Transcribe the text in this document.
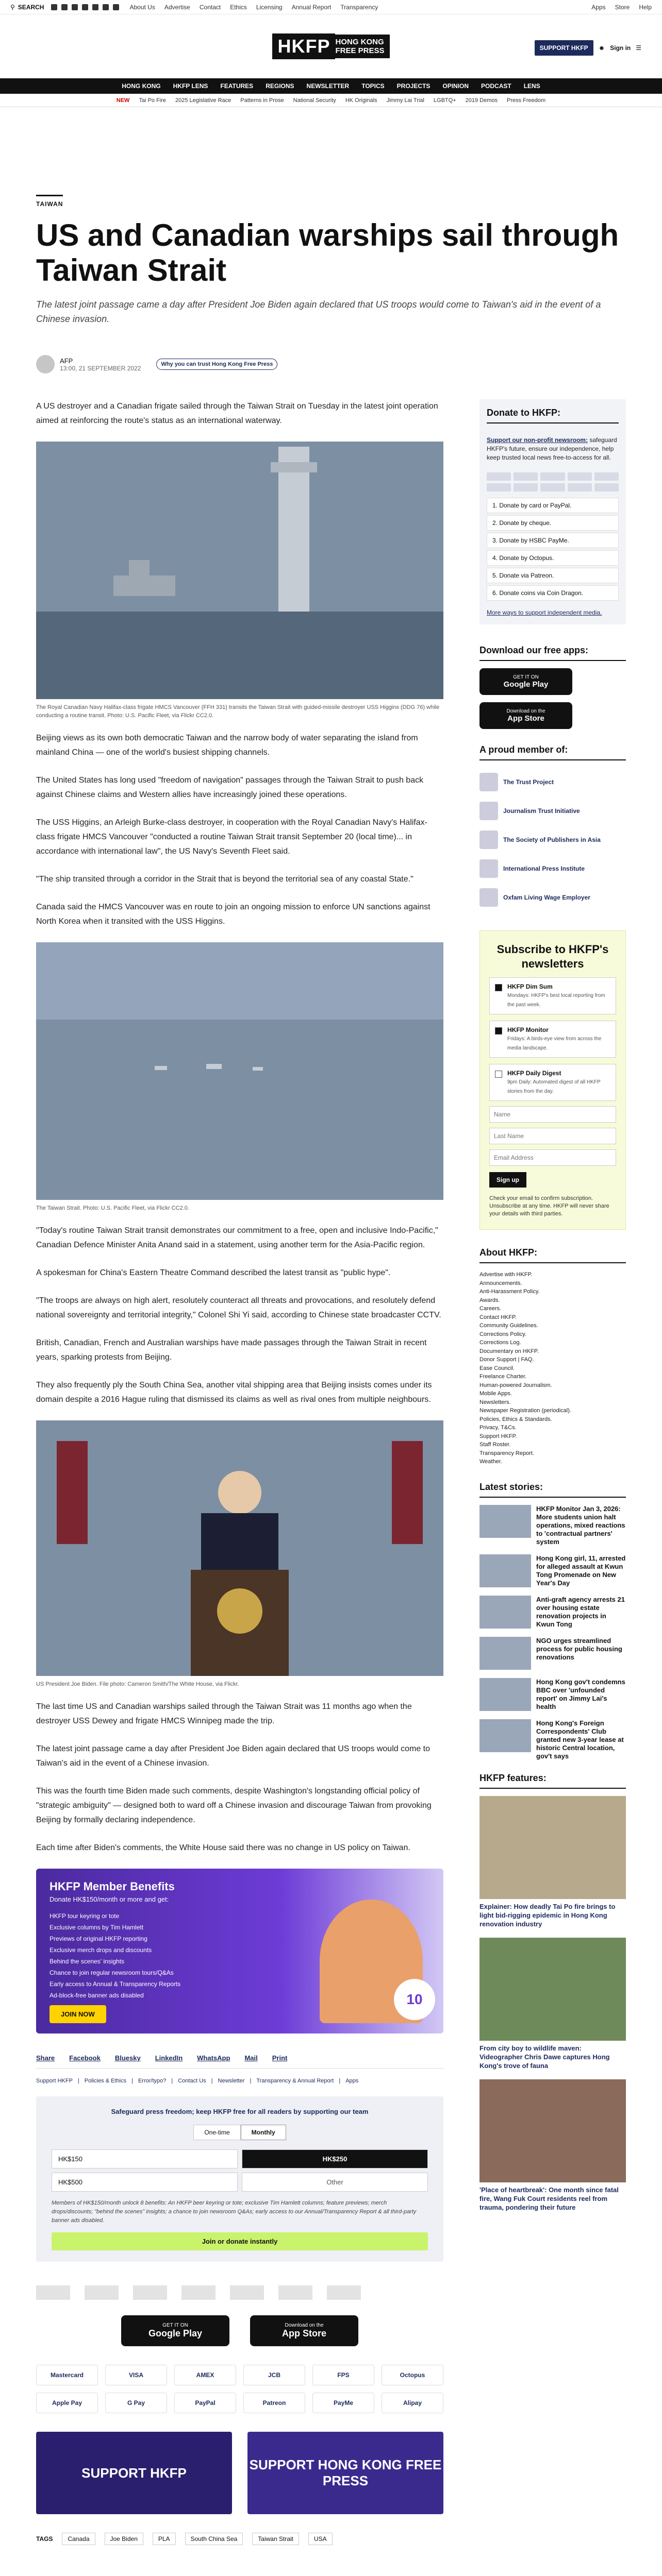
⚲ SEARCH	About Us Advertise Contact Ethics Licensing Annual Report Transparency	Apps Store Help
HKFP HONG KONG
FREE PRESS	SUPPORT HKFP	☻ Sign in ☰
HONG KONG HKFP LENS FEATURES REGIONS NEWSLETTER TOPICS PROJECTS OPINION PODCAST LENS
NEW Tai Po Fire 2025 Legislative Race Patterns in Prose National Security HK Originals Jimmy Lai Trial LGBTQ+ 2019 Demos Press Freedom
TAIWAN
US and Canadian warships sail through Taiwan Strait

The latest joint passage came a day after President Joe Biden again declared that US troops would come to Taiwan's aid in the event of a Chinese invasion.

AFP
13:00, 21 SEPTEMBER 2022
Why you can trust Hong Kong Free Press

A US destroyer and a Canadian frigate sailed through the Taiwan Strait on Tuesday in the latest joint operation aimed at reinforcing the route's status as an international waterway.

The Royal Canadian Navy Halifax-class frigate HMCS Vancouver (FFH 331) transits the Taiwan Strait with guided-missile destroyer USS Higgins (DDG 76) while conducting a routine transit. Photo: U.S. Pacific Fleet, via Flickr CC2.0.

Beijing views as its own both democratic Taiwan and the narrow body of water separating the island from mainland China — one of the world's busiest shipping channels.

The United States has long used "freedom of navigation" passages through the Taiwan Strait to push back against Chinese claims and Western allies have increasingly joined these operations.

The USS Higgins, an Arleigh Burke-class destroyer, in cooperation with the Royal Canadian Navy's Halifax-class frigate HMCS Vancouver "conducted a routine Taiwan Strait transit September 20 (local time)... in accordance with international law", the US Navy's Seventh Fleet said.

"The ship transited through a corridor in the Strait that is beyond the territorial sea of any coastal State."

Canada said the HMCS Vancouver was en route to join an ongoing mission to enforce UN sanctions against North Korea when it transited with the USS Higgins.

The Taiwan Strait. Photo: U.S. Pacific Fleet, via Flickr CC2.0.

"Today's routine Taiwan Strait transit demonstrates our commitment to a free, open and inclusive Indo-Pacific," Canadian Defence Minister Anita Anand said in a statement, using another term for the Asia-Pacific region.

A spokesman for China's Eastern Theatre Command described the latest transit as "public hype".

"The troops are always on high alert, resolutely counteract all threats and provocations, and resolutely defend national sovereignty and territorial integrity," Colonel Shi Yi said, according to Chinese state broadcaster CCTV.

British, Canadian, French and Australian warships have made passages through the Taiwan Strait in recent years, sparking protests from Beijing.

They also frequently ply the South China Sea, another vital shipping area that Beijing insists comes under its domain despite a 2016 Hague ruling that dismissed its claims as well as rival ones from multiple neighbours.

US President Joe Biden. File photo: Cameron Smith/The White House, via Flickr.

The last time US and Canadian warships sailed through the Taiwan Strait was 11 months ago when the destroyer USS Dewey and frigate HMCS Winnipeg made the trip.

The latest joint passage came a day after President Joe Biden again declared that US troops would come to Taiwan's aid in the event of a Chinese invasion.

This was the fourth time Biden made such comments, despite Washington's longstanding official policy of "strategic ambiguity" — designed both to ward off a Chinese invasion and discourage Taiwan from provoking Beijing by formally declaring independence.

Each time after Biden's comments, the White House said there was no change in US policy on Taiwan.

HKFP Member Benefits
Donate HK$150/month or more and get:
HKFP tour keyring or tote
Exclusive columns by Tim Hamlett
Previews of original HKFP reporting
Exclusive merch drops and discounts
Behind the scenes' insights
Chance to join regular newsroom tours/Q&As
Early access to Annual & Transparency Reports
Ad-block-free banner ads disabled	10
JOIN NOW
Share Facebook Bluesky LinkedIn WhatsApp Mail Print
Support HKFP | Policies & Ethics | Error/typo? | Contact Us | Newsletter | Transparency & Annual Report | Apps
Safeguard press freedom; keep HKFP free for all readers by supporting our team
One-time	Monthly
HK$150	HK$250
HK$500	Other
Members of HK$150/month unlock 8 benefits: An HKFP beer keyring or tote; exclusive Tim Hamlett columns; feature previews; merch drops/discounts; "behind the scenes" insights; a chance to join newsroom Q&As; early access to our Annual/Transparency Report & all third-party banner ads disabled.
Join or donate instantly
GET IT ON
Google Play
Download on the
App Store
Mastercard	VISA	AMEX	JCB	FPS	Octopus
Apple Pay	G Pay	PayPal	Patreon	PayMe	Alipay
SUPPORT HKFP
SUPPORT HONG KONG FREE PRESS
TAGS	Canada	Joe Biden	PLA	South China Sea	Taiwan Strait	USA
Donate to HKFP:
Support our non-profit newsroom: safeguard HKFP's future, ensure our independence, help keep trusted local news free-to-access for all.
1. Donate by card or PayPal.
2. Donate by cheque.
3. Donate by HSBC PayMe.
4. Donate by Octopus.
5. Donate via Patreon.
6. Donate coins via Coin Dragon.
More ways to support independent media.
Download our free apps:
GET IT ON
Google Play
Download on the
App Store
A proud member of:
The Trust Project
Journalism Trust Initiative
The Society of Publishers in Asia
International Press Institute
Oxfam Living Wage Employer
Subscribe to HKFP's newsletters
HKFP Dim Sum
Mondays: HKFP's best local reporting from the past week.
HKFP Monitor
Fridays: A birds-eye view from across the media landscape.
HKFP Daily Digest
9pm Daily: Automated digest of all HKFP stories from the day.
Name Last Name Email Address Sign up
Check your email to confirm subscription. Unsubscribe at any time. HKFP will never share your details with third parties.
About HKFP:
Advertise with HKFP.
Announcements.
Anti-Harassment Policy.
Awards.
Careers.
Contact HKFP.
Community Guidelines.
Corrections Policy.
Corrections Log.
Documentary on HKFP.
Donor Support | FAQ.
Ease Council.
Freelance Charter.
Human-powered Journalism.
Mobile Apps.
Newsletters.
Newspaper Registration (periodical).
Policies, Ethics & Standards.
Privacy, T&Cs.
Support HKFP.
Staff Roster.
Transparency Report.
Weather.
Latest stories:
HKFP Monitor Jan 3, 2026: More students union halt operations, mixed reactions to 'contractual partners' system
Hong Kong girl, 11, arrested for alleged assault at Kwun Tong Promenade on New Year's Day
Anti-graft agency arrests 21 over housing estate renovation projects in Kwun Tong
NGO urges streamlined process for public housing renovations
Hong Kong gov't condemns BBC over 'unfounded report' on Jimmy Lai's health
Hong Kong's Foreign Correspondents' Club granted new 3-year lease at historic Central location, gov't says
HKFP features:
Explainer: How deadly Tai Po fire brings to light bid-rigging epidemic in Hong Kong renovation industry
From city boy to wildlife maven: Videographer Chris Dawe captures Hong Kong's trove of fauna
'Place of heartbreak': One month since fatal fire, Wang Fuk Court residents reel from trauma, pondering their future
